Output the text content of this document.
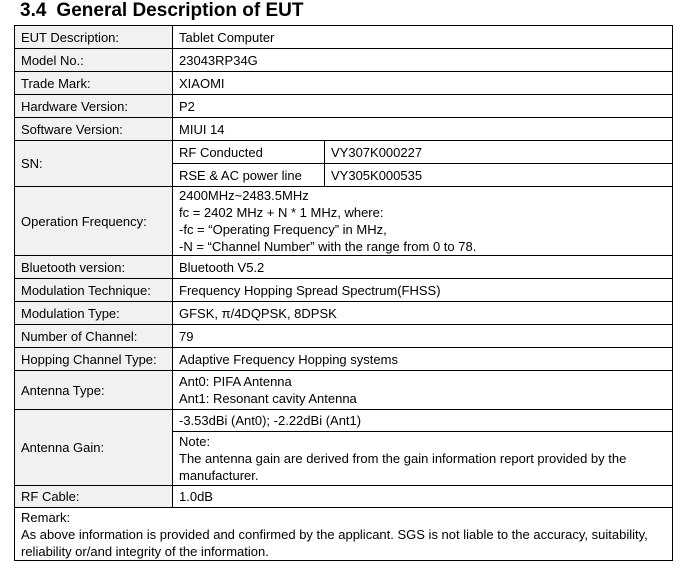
3.4 General Description of EUT
EUT Description:	Tablet Computer	
Model No.:	23043RP34G	
Trade Mark:	XIAOMI	
Hardware Version:	P2	
Software Version:	MIUI 14	
SN:	RF Conducted	VY307K000227
	RSE & AC power line	VY305K000535
Operation Frequency:	2400MHz~2483.5MHz
fc = 2402 MHz + N * 1 MHz, where:
-fc = “Operating Frequency” in MHz,
-N = “Channel Number” with the range from 0 to 78.	
Bluetooth version:	Bluetooth V5.2	
Modulation Technique:	Frequency Hopping Spread Spectrum(FHSS)	
Modulation Type:	GFSK, π/4DQPSK, 8DPSK	
Number of Channel:	79	
Hopping Channel Type:	Adaptive Frequency Hopping systems	
Antenna Type:	Ant0: PIFA Antenna
Ant1: Resonant cavity Antenna	
Antenna Gain:	-3.53dBi (Ant0); -2.22dBi (Ant1)	
	Note:
The antenna gain are derived from the gain information report provided by the manufacturer.	
RF Cable:	1.0dB	
Remark:
As above information is provided and confirmed by the applicant. SGS is not liable to the accuracy, suitability, reliability or/and integrity of the information.		
